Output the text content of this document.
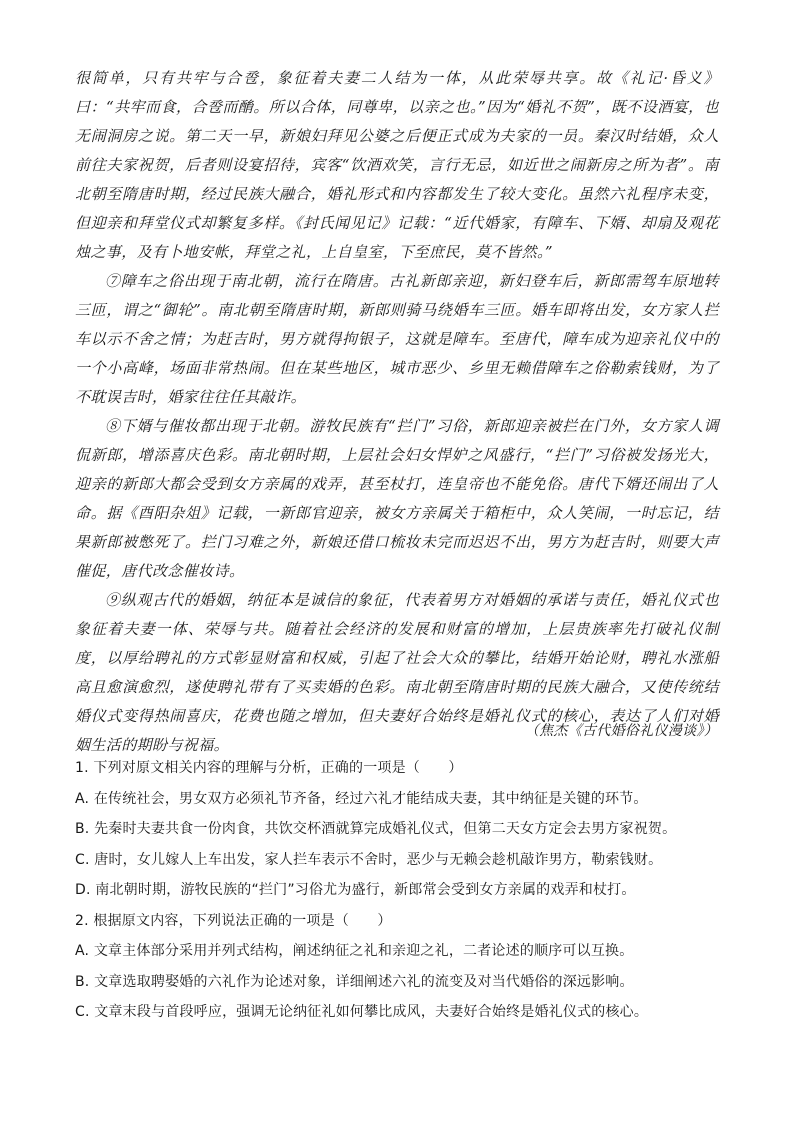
很简单，只有共牢与合卺，象征着夫妻二人结为一体，从此荣辱共享。故《礼记·昏义》曰：“共牢而食，合卺而酳。所以合体，同尊卑，以亲之也。”因为“婚礼不贺”，既不设酒宴，也无闹洞房之说。第二天一早，新娘妇拜见公婆之后便正式成为夫家的一员。秦汉时结婚，众人前往夫家祝贺，后者则设宴招待，宾客“饮酒欢笑，言行无忌，如近世之闹新房之所为者”。南北朝至隋唐时期，经过民族大融合，婚礼形式和内容都发生了较大变化。虽然六礼程序未变，但迎亲和拜堂仪式却繁复多样。《封氏闻见记》记载：“近代婚家，有障车、下婿、却扇及观花烛之事，及有卜地安帐，拜堂之礼，上自皇室，下至庶民，莫不皆然。”

⑦障车之俗出现于南北朝，流行在隋唐。古礼新郎亲迎，新妇登车后，新郎需驾车原地转三匝，谓之“御轮”。南北朝至隋唐时期，新郎则骑马绕婚车三匝。婚车即将出发，女方家人拦车以示不舍之情；为赶吉时，男方就得拘银子，这就是障车。至唐代，障车成为迎亲礼仪中的一个小高峰，场面非常热闹。但在某些地区，城市恶少、乡里无赖借障车之俗勒索钱财，为了不耽误吉时，婚家往往任其敲诈。

⑧下婿与催妆都出现于北朝。游牧民族有“拦门”习俗，新郎迎亲被拦在门外，女方家人调侃新郎，增添喜庆色彩。南北朝时期，上层社会妇女悍妒之风盛行，“拦门”习俗被发扬光大，迎亲的新郎大都会受到女方亲属的戏弄，甚至杖打，连皇帝也不能免俗。唐代下婿还闹出了人命。据《酉阳杂俎》记载，一新郎官迎亲，被女方亲属关于箱柜中，众人笑闹，一时忘记，结果新郎被憋死了。拦门习难之外，新娘还借口梳妆未完而迟迟不出，男方为赶吉时，则要大声催促，唐代改念催妆诗。

⑨纵观古代的婚姻，纳征本是诚信的象征，代表着男方对婚姻的承诺与责任，婚礼仪式也象征着夫妻一体、荣辱与共。随着社会经济的发展和财富的增加，上层贵族率先打破礼仪制度，以厚给聘礼的方式彰显财富和权威，引起了社会大众的攀比，结婚开始论财，聘礼水涨船高且愈演愈烈，遂使聘礼带有了买卖婚的色彩。南北朝至隋唐时期的民族大融合，又使传统结婚仪式变得热闹喜庆，花费也随之增加，但夫妻好合始终是婚礼仪式的核心，表达了人们对婚姻生活的期盼与祝福。

（焦杰《古代婚俗礼仪漫谈》）
1. 下列对原文相关内容的理解与分析，正确的一项是（　　）
A. 在传统社会，男女双方必须礼节齐备，经过六礼才能结成夫妻，其中纳征是关键的环节。
B. 先秦时夫妻共食一份肉食，共饮交杯酒就算完成婚礼仪式，但第二天女方定会去男方家祝贺。
C. 唐时，女儿嫁人上车出发，家人拦车表示不舍时，恶少与无赖会趁机敲诈男方，勒索钱财。
D. 南北朝时期，游牧民族的“拦门”习俗尤为盛行，新郎常会受到女方亲属的戏弄和杖打。
2. 根据原文内容，下列说法正确的一项是（　　）
A. 文章主体部分采用并列式结构，阐述纳征之礼和亲迎之礼，二者论述的顺序可以互换。
B. 文章选取聘娶婚的六礼作为论述对象，详细阐述六礼的流变及对当代婚俗的深远影响。
C. 文章末段与首段呼应，强调无论纳征礼如何攀比成风，夫妻好合始终是婚礼仪式的核心。
